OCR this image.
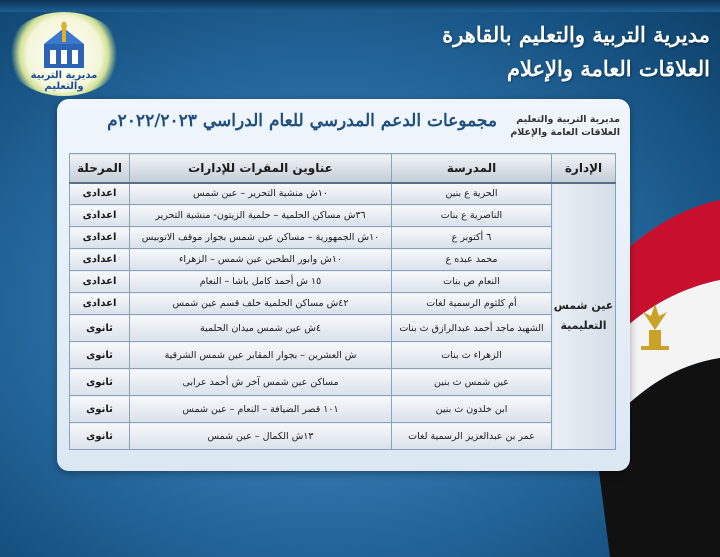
مديرية التربية والتعليم
مديرية التربية والتعليم بالقاهرة
العلاقات العامة والإعلام
مجموعات الدعم المدرسي للعام الدراسي ٢٠٢٢/٢٠٢٣م	مديرية التربية والتعليم
العلاقات العامة والإعلام
الإدارة	المدرسة	عناوين المقرات للإدارات	المرحلة
عين شمس التعليمية	الحرية ع بنين	١٠ش منشية التحرير – عين شمس	اعدادى
	الناصرية ع بنات	٣٦ش مساكن الحلمية – حلمية الزيتون- منشية التحرير	اعدادى
	٦ أكتوبر ع	١٠ش الجمهورية – مساكن عين شمس بجوار موقف الاتوبيس	اعدادى
	محمد عبده ع	١٠ش وابور الطحين عين شمس – الزهراء	اعدادى
	النعام ص بنات	١٥ ش أحمد كامل باشا – النعام	اعدادى
	أم كلثوم الرسمية لغات	٤٢ش مساكن الحلمية خلف قسم عين شمس	اعدادى
	الشهيد ماجد أحمد عبدالرازق ث بنات	٤ش عين شمس ميدان الحلمية	ثانوى
	الزهراء ث بنات	ش العشرين – بجوار المقابر عين شمس الشرقية	ثانوى
	عين شمس ث بنين	مساكن عين شمس آخر ش أحمد عرابى	ثانوى
	ابن خلدون ث بنين	١٠١ قصر الضيافة – النعام – عين شمس	ثانوى
	عمر بن عبدالعزيز الرسمية لغات	١٣ش الكمال – عين شمس	ثانوى
